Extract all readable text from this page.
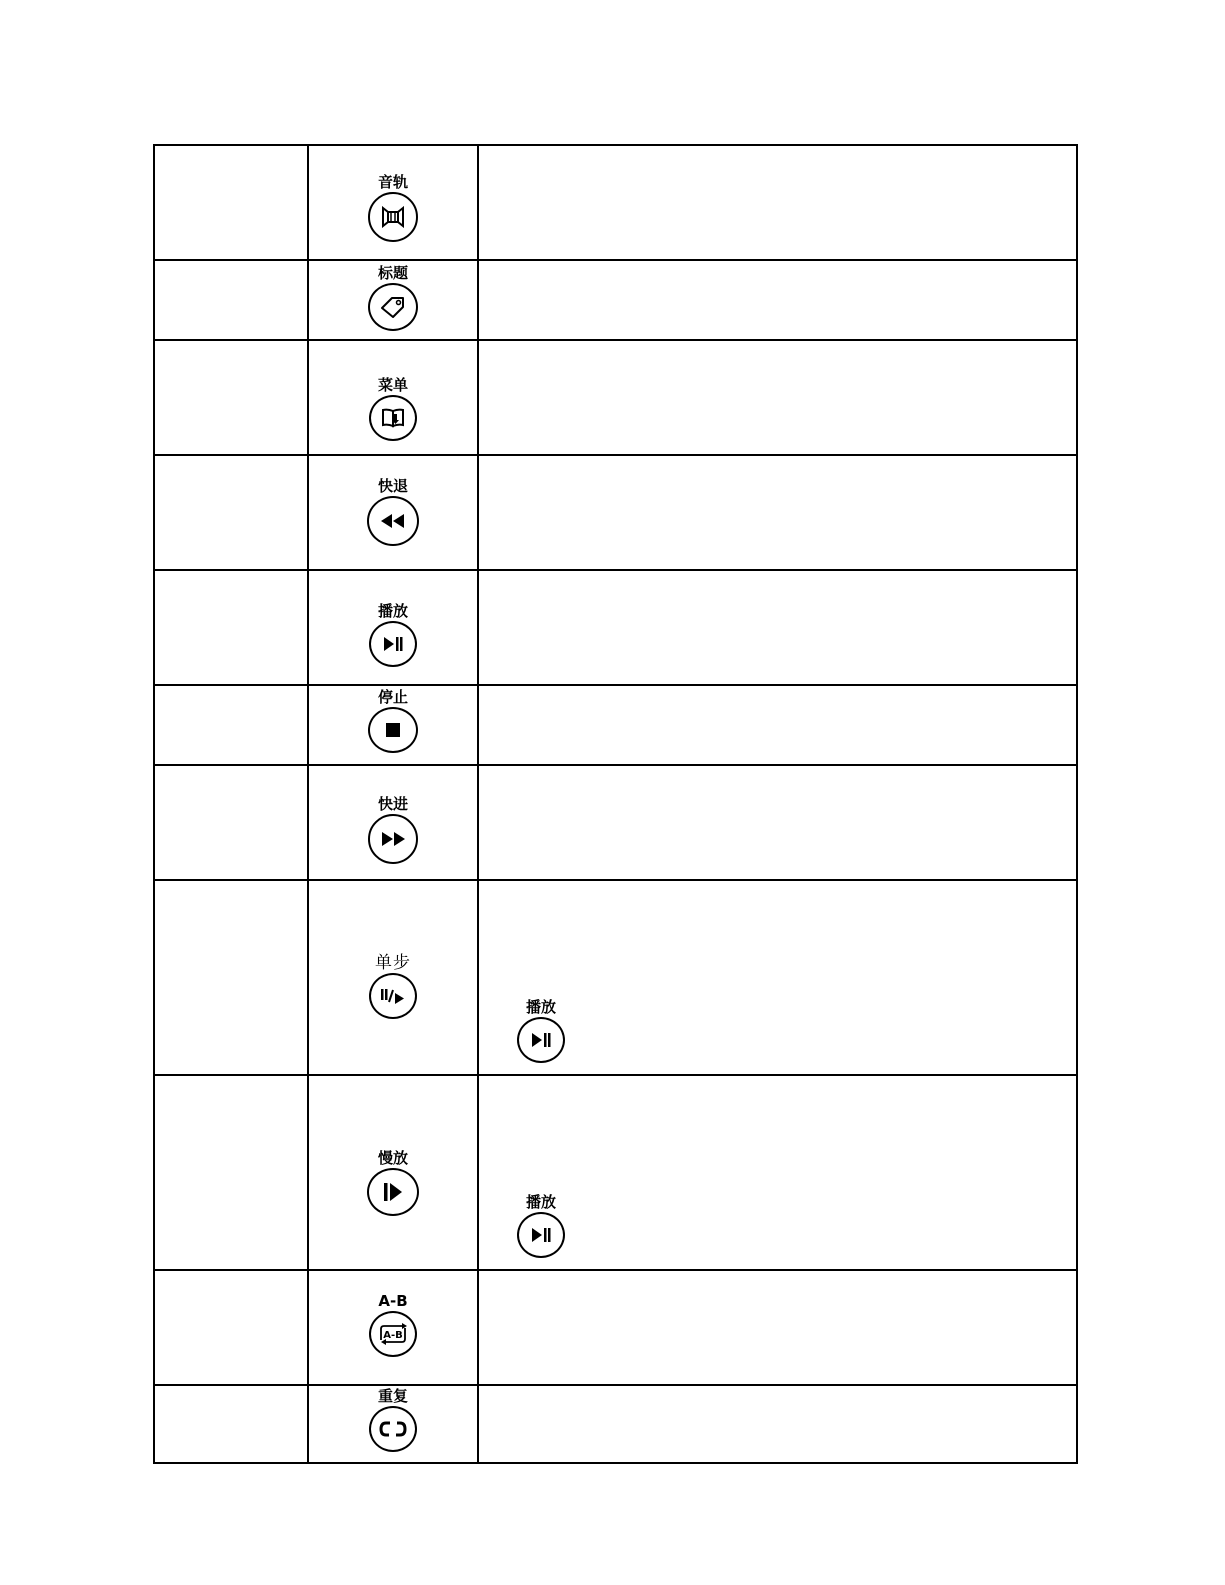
	音轨	

	标题	

	菜单	

	快退	

	播放	

	停止	

	快进	

	单步	播放

	慢放	播放

	A-B
A-B	

	重复	
